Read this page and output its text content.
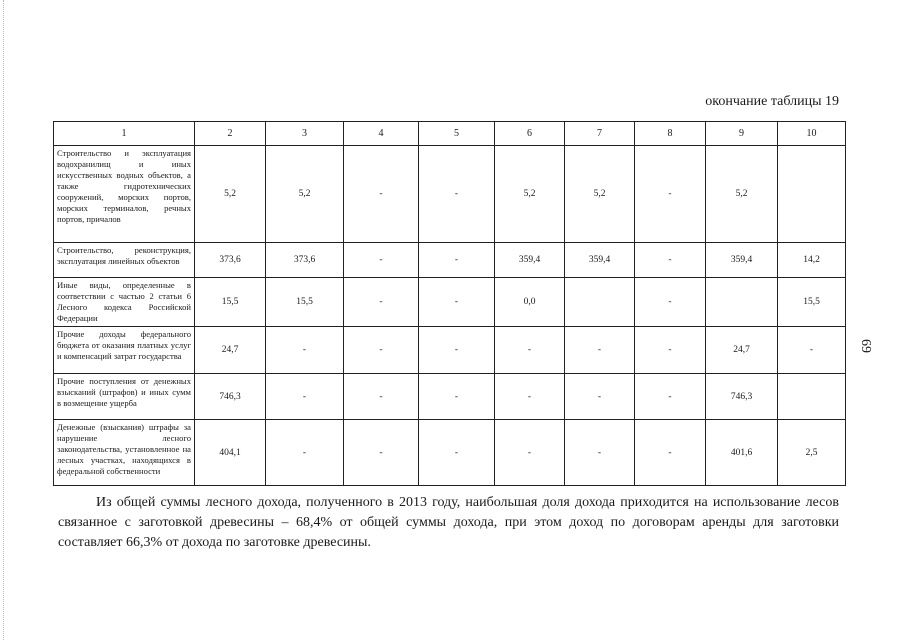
окончание таблицы 19
1	2	3	4	5	6	7	8	9	10
Строительство и эксплуатация водохранилищ и иных искусственных водных объектов, а также гидротехнических сооружений, морских портов, морских терминалов, речных портов, причалов	5,2	5,2	-	-	5,2	5,2	-	5,2	
Строительство, реконструкция, эксплуатация линейных объектов	373,6	373,6	-	-	359,4	359,4	-	359,4	14,2
Иные виды, определенные в соответствии с частью 2 статьи 6 Лесного кодекса Российской Федерации	15,5	15,5	-	-	0,0		-		15,5
Прочие доходы федерального бюджета от оказания платных услуг и компенсаций затрат государства	24,7	-	-	-	-	-	-	24,7	-
Прочие поступления от денежных взысканий (штрафов) и иных сумм в возмещение ущерба	746,3	-	-	-	-	-	-	746,3	
Денежные (взыскания) штрафы за нарушение лесного законодательства, установленное на лесных участках, находящихся в федеральной собственности	404,1	-	-	-	-	-	-	401,6	2,5
Из общей суммы лесного дохода, полученного в 2013 году, наибольшая доля дохода приходится на использование лесов связанное с заготовкой древесины – 68,4% от общей суммы дохода, при этом доход по договорам аренды для заготовки составляет 66,3% от дохода по заготовке древесины.
69
